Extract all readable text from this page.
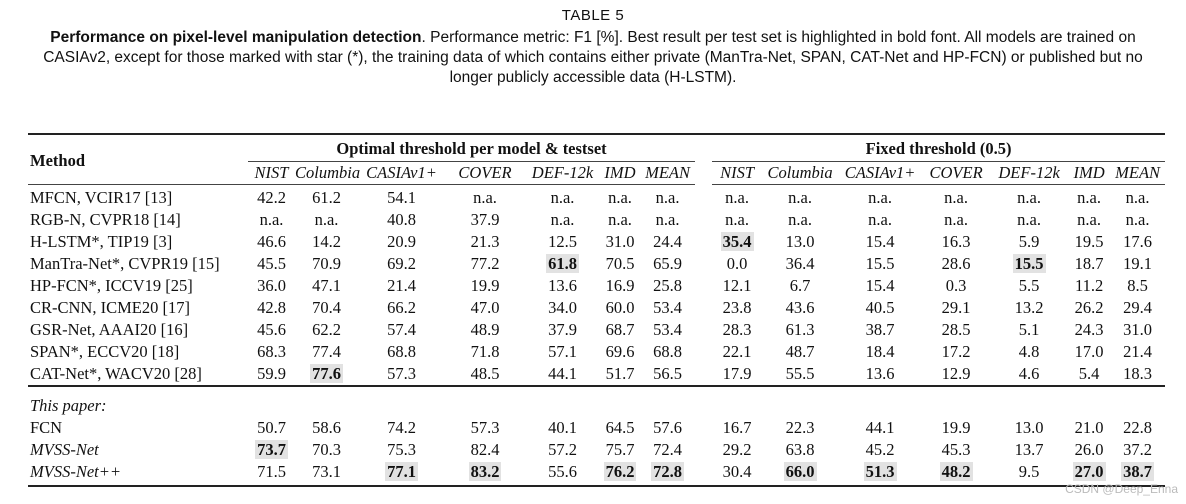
TABLE 5
Performance on pixel-level manipulation detection. Performance metric: F1 [%]. Best result per test set is highlighted in bold font. All models are trained on CASIAv2, except for those marked with star (*), the training data of which contains either private (ManTra-Net, SPAN, CAT-Net and HP-FCN) or published but no longer publicly accessible data (H-LSTM).
Method	Optimal threshold per model & testset								Fixed threshold (0.5)						
	NIST	Columbia	CASIAv1+	COVER	DEF-12k	IMD	MEAN		NIST	Columbia	CASIAv1+	COVER	DEF-12k	IMD	MEAN
MFCN, VCIR17 [13]	42.2	61.2	54.1	n.a.	n.a.	n.a.	n.a.		n.a.	n.a.	n.a.	n.a.	n.a.	n.a.	n.a.
RGB-N, CVPR18 [14]	n.a.	n.a.	40.8	37.9	n.a.	n.a.	n.a.		n.a.	n.a.	n.a.	n.a.	n.a.	n.a.	n.a.
H-LSTM*, TIP19 [3]	46.6	14.2	20.9	21.3	12.5	31.0	24.4		35.4	13.0	15.4	16.3	5.9	19.5	17.6
ManTra-Net*, CVPR19 [15]	45.5	70.9	69.2	77.2	61.8	70.5	65.9		0.0	36.4	15.5	28.6	15.5	18.7	19.1
HP-FCN*, ICCV19 [25]	36.0	47.1	21.4	19.9	13.6	16.9	25.8		12.1	6.7	15.4	0.3	5.5	11.2	8.5
CR-CNN, ICME20 [17]	42.8	70.4	66.2	47.0	34.0	60.0	53.4		23.8	43.6	40.5	29.1	13.2	26.2	29.4
GSR-Net, AAAI20 [16]	45.6	62.2	57.4	48.9	37.9	68.7	53.4		28.3	61.3	38.7	28.5	5.1	24.3	31.0
SPAN*, ECCV20 [18]	68.3	77.4	68.8	71.8	57.1	69.6	68.8		22.1	48.7	18.4	17.2	4.8	17.0	21.4
CAT-Net*, WACV20 [28]	59.9	77.6	57.3	48.5	44.1	51.7	56.5		17.9	55.5	13.6	12.9	4.6	5.4	18.3
This paper:															
FCN	50.7	58.6	74.2	57.3	40.1	64.5	57.6		16.7	22.3	44.1	19.9	13.0	21.0	22.8
MVSS-Net	73.7	70.3	75.3	82.4	57.2	75.7	72.4		29.2	63.8	45.2	45.3	13.7	26.0	37.2
MVSS-Net++	71.5	73.1	77.1	83.2	55.6	76.2	72.8		30.4	66.0	51.3	48.2	9.5	27.0	38.7
CSDN @Deep_Enna
